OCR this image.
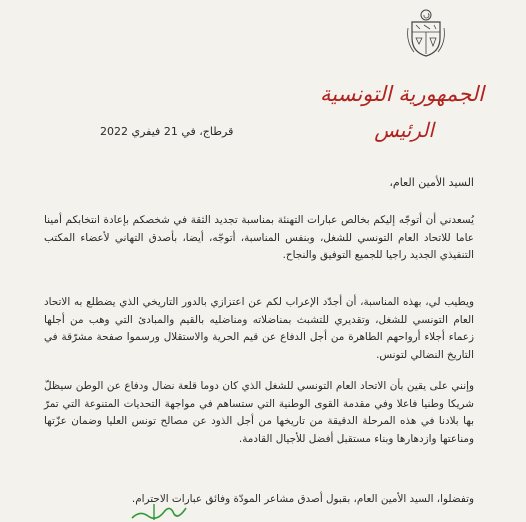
الجمهورية التونسية
الرئيس
قرطاج، في 21 فيفري 2022
السيد الأمين العام،
يُسعدني أن أتوجّه إليكم بخالص عبارات التهنئة بمناسبة تجديد الثقة في شخصكم بإعادة انتخابكم أمينا عاما للاتحاد العام التونسي للشغل، وبنفس المناسبة، أتوجّه، أيضا، بأصدق التهاني لأعضاء المكتب التنفيذي الجديد راجيا للجميع التوفيق والنجاح.
ويطيب لي، بهذه المناسبة، أن أجدّد الإعراب لكم عن اعتزازي بالدور التاريخي الذي يضطلع به الاتحاد العام التونسي للشغل، وتقديري للتشبث بمناضلاته ومناضليه بالقيم والمبادئ التي وهب من أجلها زعماء أجلاء أرواحهم الطاهرة من أجل الدفاع عن قيم الحرية والاستقلال ورسموا صفحة مشرّقة في التاريخ النضالي لتونس.
وإنني على يقين بأن الاتحاد العام التونسي للشغل الذي كان دوما قلعة نضال ودفاع عن الوطن سيظلّ شريكا وطنيا فاعلا وفي مقدمة القوى الوطنية التي ستساهم في مواجهة التحديات المتنوعة التي تمرّ بها بلادنا في هذه المرحلة الدقيقة من تاريخها من أجل الذود عن مصالح تونس العليا وضمان عزّتها ومناعتها وازدهارها وبناء مستقبل أفضل للأجيال القادمة.
وتفضلوا، السيد الأمين العام، بقبول أصدق مشاعر المودّة وفائق عبارات الاحترام.
